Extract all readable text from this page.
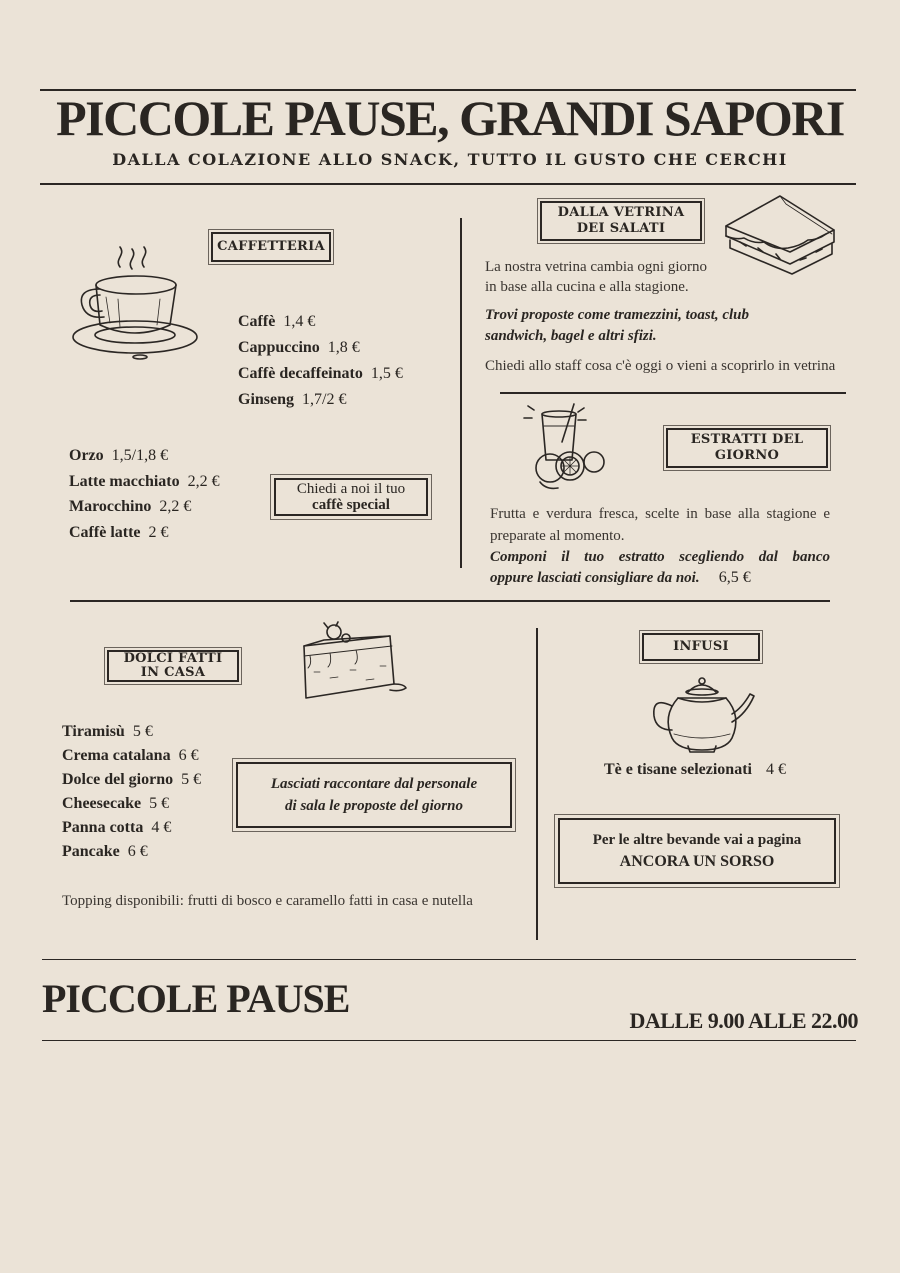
PICCOLE PAUSE, GRANDI SAPORI
DALLA COLAZIONE ALLO SNACK, TUTTO IL GUSTO CHE CERCHI
CAFFETTERIA
Caffè 1,4 €
Cappuccino 1,8 €
Caffè decaffeinato 1,5 €
Ginseng 1,7/2 €
Orzo 1,5/1,8 €
Latte macchiato 2,2 €
Marocchino 2,2 €
Caffè latte 2 €
Chiedi a noi il tuo
caffè special
DALLA VETRINA
DEI SALATI
La nostra vetrina cambia ogni giorno
in base alla cucina e alla stagione.
Trovi proposte come tramezzini, toast, club
sandwich, bagel e altri sfizi.
Chiedi allo staff cosa c'è oggi o vieni a scoprirlo in vetrina
ESTRATTI DEL
GIORNO
Frutta e verdura fresca, scelte in base alla stagione e
preparate al momento.
Componi il tuo estratto scegliendo dal banco
oppure lasciati consigliare da noi. 6,5 €
DOLCI FATTI
IN CASA
Tiramisù 5 €
Crema catalana 6 €
Dolce del giorno 5 €
Cheesecake 5 €
Panna cotta 4 €
Pancake 6 €
Lasciati raccontare dal personale
di sala le proposte del giorno
Topping disponibili: frutti di bosco e caramello fatti in casa e nutella
INFUSI
Tè e tisane selezionati 4 €
Per le altre bevande vai a pagina
ANCORA UN SORSO
PICCOLE PAUSE	DALLE 9.00 ALLE 22.00
